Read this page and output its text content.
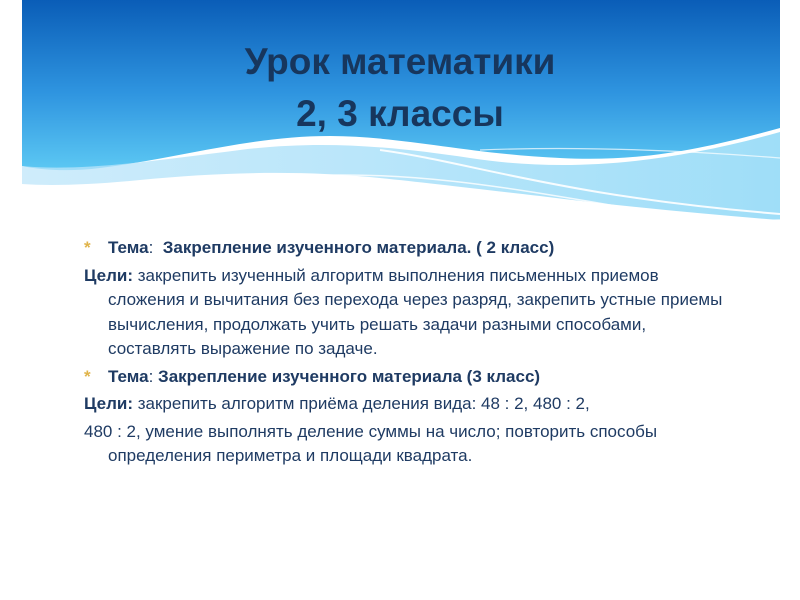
Урок математики
2, 3 классы

* Тема: Закрепление изученного материала. ( 2 класс)

Цели: закрепить изученный алгоритм выполнения письменных приемов сложения и вычитания без перехода через разряд, закрепить устные приемы вычисления, продолжать учить решать задачи разными способами, составлять выражение по задаче.

* Тема: Закрепление изученного материала (3 класс)

Цели: закрепить алгоритм приёма деления вида: 48 : 2, 480 : 2,

480 : 2, умение выполнять деление суммы на число; повторить способы определения периметра и площади квадрата.
